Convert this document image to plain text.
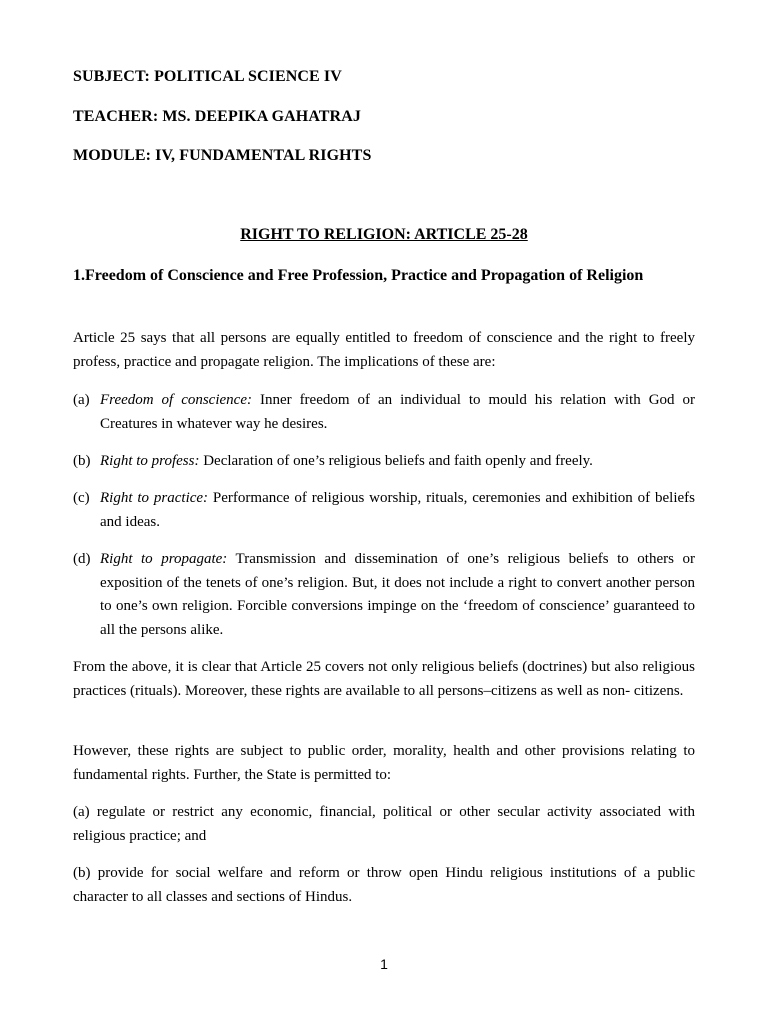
SUBJECT: POLITICAL SCIENCE IV
TEACHER: MS. DEEPIKA GAHATRAJ
MODULE: IV, FUNDAMENTAL RIGHTS
RIGHT TO RELIGION: ARTICLE 25-28
1.Freedom of Conscience and Free Profession, Practice and Propagation of Religion
Article 25 says that all persons are equally entitled to freedom of conscience and the right to freely profess, practice and propagate religion. The implications of these are:
(a) Freedom of conscience: Inner freedom of an individual to mould his relation with God or Creatures in whatever way he desires.
(b) Right to profess: Declaration of one’s religious beliefs and faith openly and freely.
(c) Right to practice: Performance of religious worship, rituals, ceremonies and exhibition of beliefs and ideas.
(d) Right to propagate: Transmission and dissemination of one’s religious beliefs to others or exposition of the tenets of one’s religion. But, it does not include a right to convert another person to one’s own religion. Forcible conversions impinge on the ‘freedom of conscience’ guaranteed to all the persons alike.
From the above, it is clear that Article 25 covers not only religious beliefs (doctrines) but also religious practices (rituals). Moreover, these rights are available to all persons–citizens as well as non- citizens.
However, these rights are subject to public order, morality, health and other provisions relating to fundamental rights. Further, the State is permitted to:
(a) regulate or restrict any economic, financial, political or other secular activity associated with religious practice; and
(b) provide for social welfare and reform or throw open Hindu religious institutions of a public character to all classes and sections of Hindus.
1
